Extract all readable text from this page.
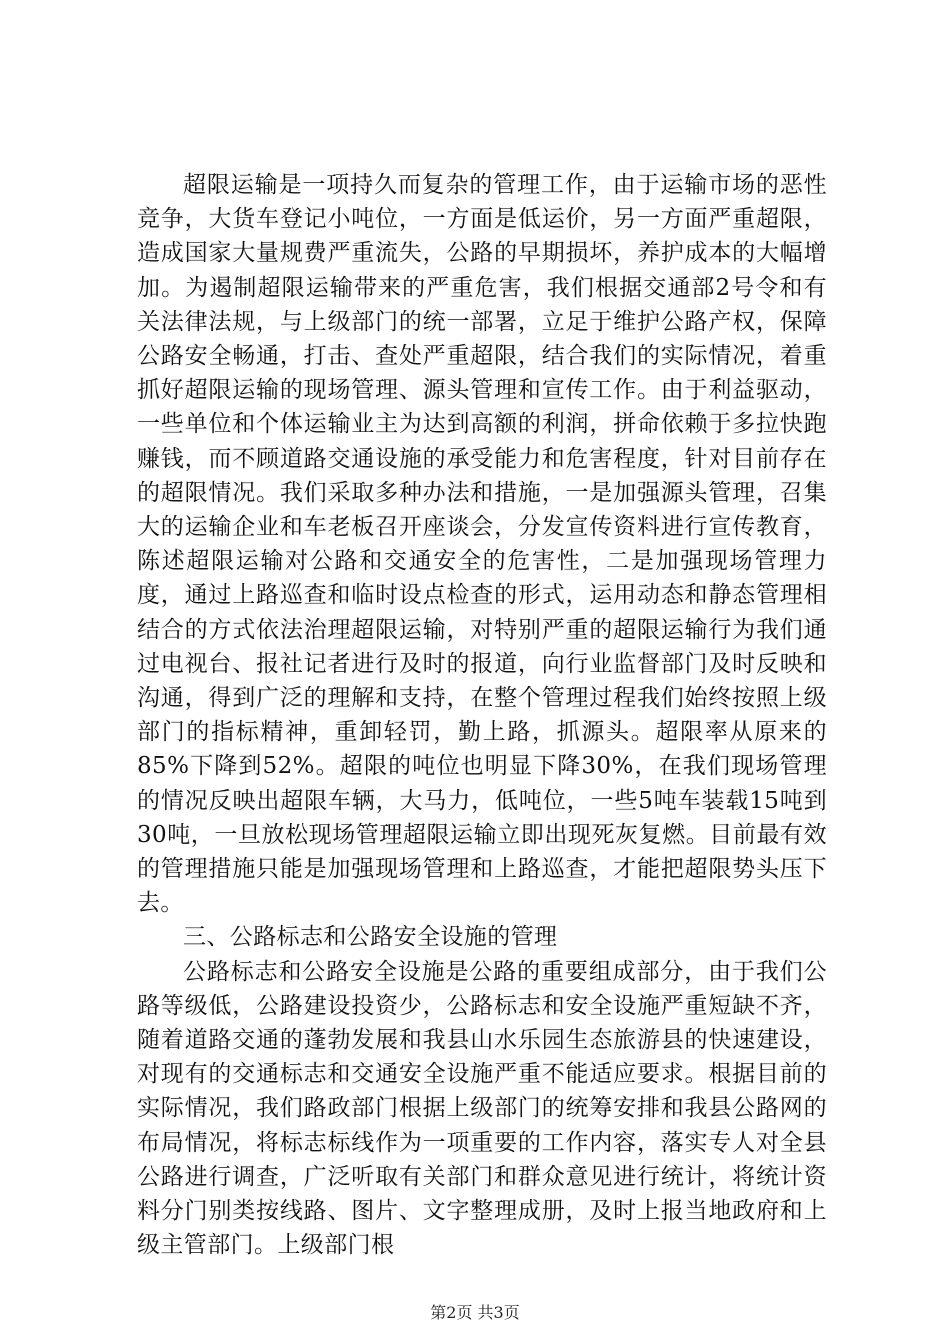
超限运输是一项持久而复杂的管理工作，由于运输市场的恶性竞争，大货车登记小吨位，一方面是低运价，另一方面严重超限，造成国家大量规费严重流失，公路的早期损坏，养护成本的大幅增加。为遏制超限运输带来的严重危害，我们根据交通部2号令和有关法律法规，与上级部门的统一部署，立足于维护公路产权，保障公路安全畅通，打击、查处严重超限，结合我们的实际情况，着重抓好超限运输的现场管理、源头管理和宣传工作。由于利益驱动，一些单位和个体运输业主为达到高额的利润，拼命依赖于多拉快跑赚钱，而不顾道路交通设施的承受能力和危害程度，针对目前存在的超限情况。我们采取多种办法和措施，一是加强源头管理，召集大的运输企业和车老板召开座谈会，分发宣传资料进行宣传教育，陈述超限运输对公路和交通安全的危害性，二是加强现场管理力度，通过上路巡查和临时设点检查的形式，运用动态和静态管理相结合的方式依法治理超限运输，对特别严重的超限运输行为我们通过电视台、报社记者进行及时的报道，向行业监督部门及时反映和沟通，得到广泛的理解和支持，在整个管理过程我们始终按照上级部门的指标精神，重卸轻罚，勤上路，抓源头。超限率从原来的85%下降到52%。超限的吨位也明显下降30%，在我们现场管理的情况反映出超限车辆，大马力，低吨位，一些5吨车装载15吨到30吨，一旦放松现场管理超限运输立即出现死灰复燃。目前最有效的管理措施只能是加强现场管理和上路巡查，才能把超限势头压下去。

三、公路标志和公路安全设施的管理

公路标志和公路安全设施是公路的重要组成部分，由于我们公路等级低，公路建设投资少，公路标志和安全设施严重短缺不齐，随着道路交通的蓬勃发展和我县山水乐园生态旅游县的快速建设，对现有的交通标志和交通安全设施严重不能适应要求。根据目前的实际情况，我们路政部门根据上级部门的统筹安排和我县公路网的布局情况，将标志标线作为一项重要的工作内容，落实专人对全县公路进行调查，广泛听取有关部门和群众意见进行统计，将统计资料分门别类按线路、图片、文字整理成册，及时上报当地政府和上级主管部门。上级部门根

第2页 共3页
